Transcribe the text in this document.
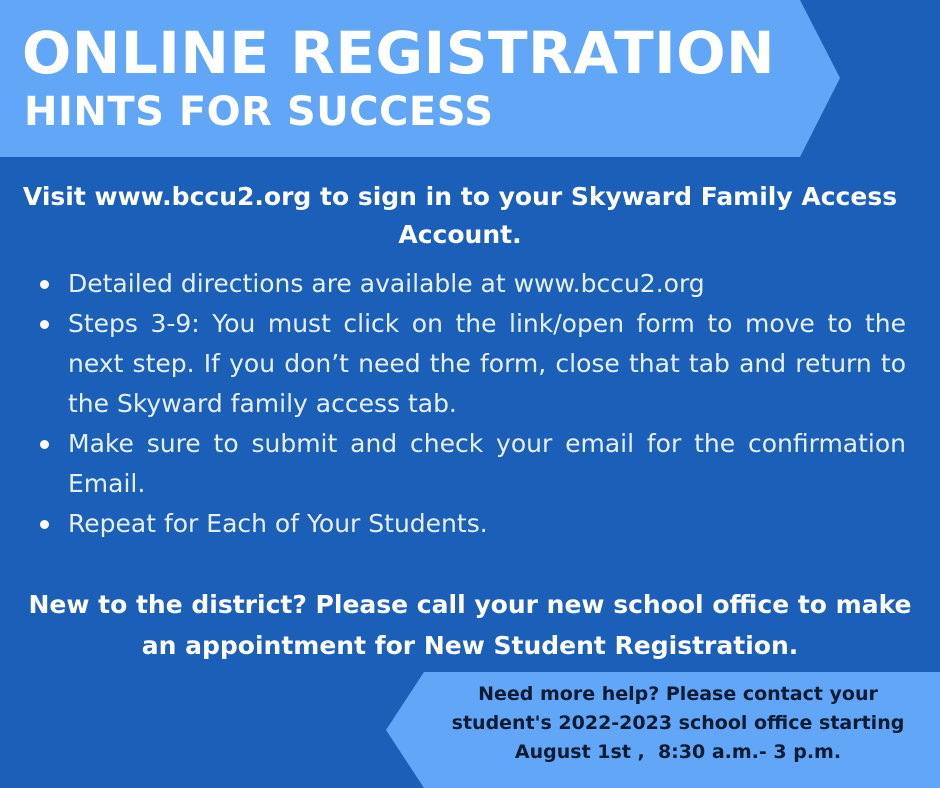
ONLINE REGISTRATION
HINTS FOR SUCCESS
Visit www.bccu2.org to sign in to your Skyward Family Access Account.
Detailed directions are available at www.bccu2.org
Steps 3-9: You must click on the link/open form to move to the next step. If you don’t need the form, close that tab and return to the Skyward family access tab.
Make sure to submit and check your email for the confirmation Email.
Repeat for Each of Your Students.
New to the district? Please call your new school office to make an appointment for New Student Registration.
Need more help? Please contact your
student's 2022-2023 school office starting
August 1st ,  8:30 a.m.- 3 p.m.
